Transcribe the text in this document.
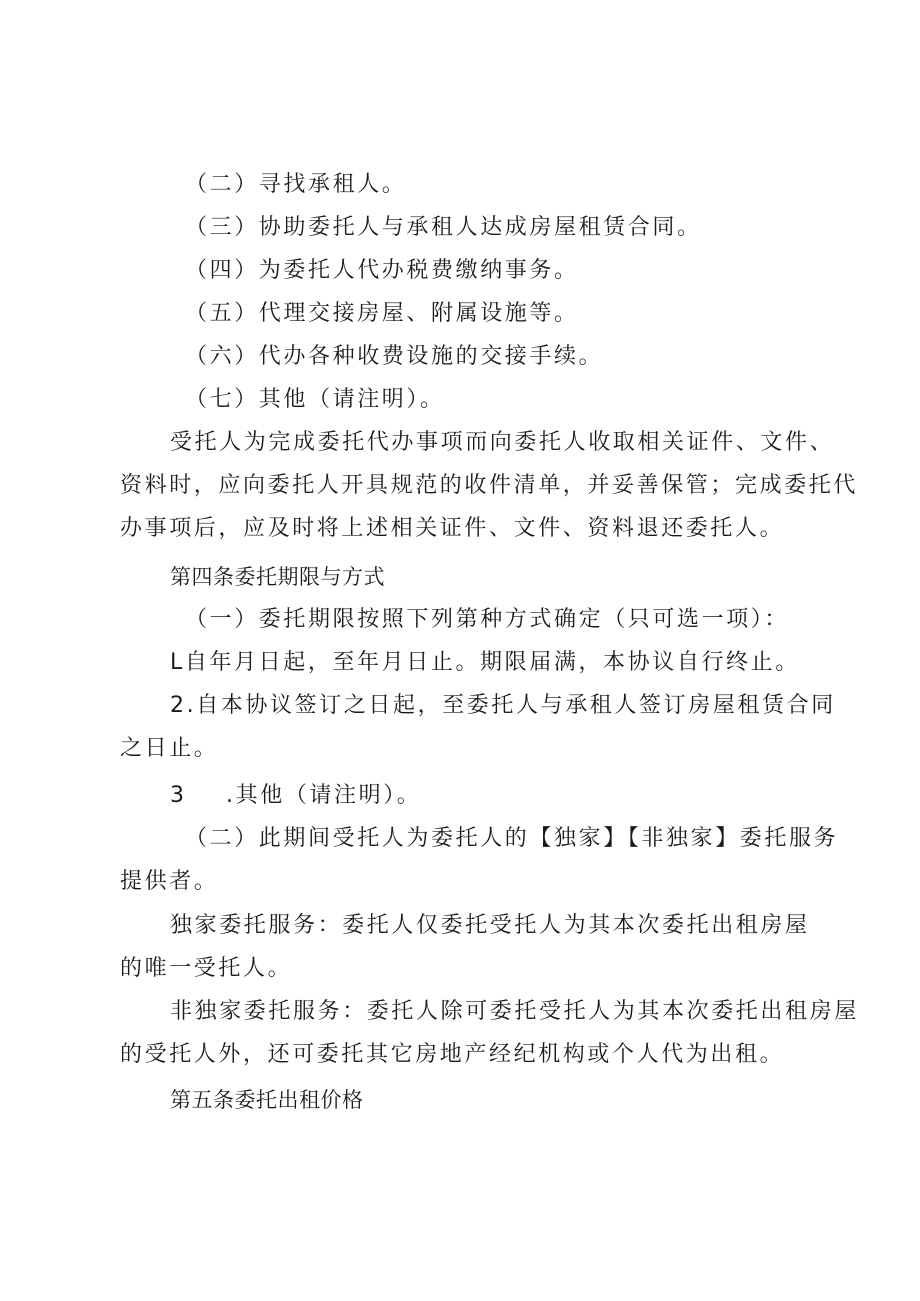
（二）寻找承租人。
（三）协助委托人与承租人达成房屋租赁合同。
（四）为委托人代办税费缴纳事务。
（五）代理交接房屋、附属设施等。
（六）代办各种收费设施的交接手续。
（七）其他（请注明）。
受托人为完成委托代办事项而向委托人收取相关证件、文件、
资料时，应向委托人开具规范的收件清单，并妥善保管；完成委托代
办事项后，应及时将上述相关证件、文件、资料退还委托人。
第四条委托期限与方式
（一）委托期限按照下列第种方式确定（只可选一项）：
L自年月日起，至年月日止。期限届满，本协议自行终止。
2.自本协议签订之日起，至委托人与承租人签订房屋租赁合同
之日止。
3 .其他（请注明）。
（二）此期间受托人为委托人的【独家】【非独家】委托服务
提供者。
独家委托服务：委托人仅委托受托人为其本次委托出租房屋
的唯一受托人。
非独家委托服务：委托人除可委托受托人为其本次委托出租房屋
的受托人外，还可委托其它房地产经纪机构或个人代为出租。
第五条委托出租价格
